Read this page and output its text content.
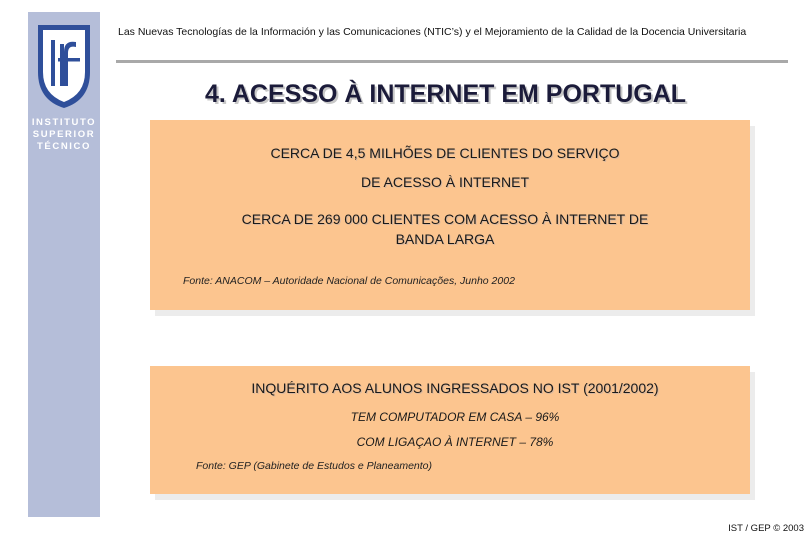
INSTITUTO
SUPERIOR
TÉCNICO
Las Nuevas Tecnologías de la Información y las Comunicaciones (NTIC’s) y el Mejoramiento de la Calidad de la Docencia Universitaria
4. ACESSO À INTERNET EM PORTUGAL
CERCA DE 4,5 MILHÕES DE CLIENTES DO SERVIÇO
DE ACESSO À INTERNET
CERCA DE 269 000 CLIENTES COM ACESSO À INTERNET DE
BANDA LARGA
Fonte: ANACOM – Autoridade Nacional de Comunicações, Junho 2002
INQUÉRITO AOS ALUNOS INGRESSADOS NO IST (2001/2002)
TEM COMPUTADOR EM CASA – 96%
COM LIGAÇAO À INTERNET – 78%
Fonte: GEP (Gabinete de Estudos e Planeamento)
IST / GEP © 2003
